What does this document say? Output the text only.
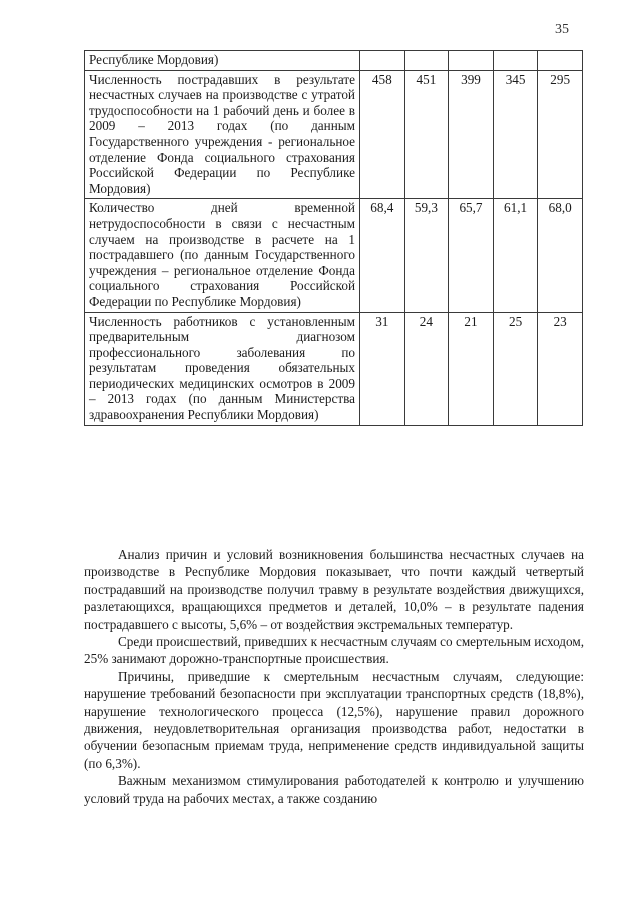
35
Республике Мордовия)					
Численность пострадавших в результате несчастных случаев на производстве с утратой трудоспособности на 1 рабочий день и более в 2009 – 2013 годах (по данным Государственного учреждения - региональное отделение Фонда социального страхования Российской Федерации по Республике Мордовия)	458	451	399	345	295
Количество дней временной нетрудоспособности в связи с несчастным случаем на производстве в расчете на 1 пострадавшего (по данным Государственного учреждения – региональное отделение Фонда социального страхования Российской Федерации по Республике Мордовия)	68,4	59,3	65,7	61,1	68,0
Численность работников с установленным предварительным диагнозом профессионального заболевания по результатам проведения обязательных периодических медицинских осмотров в 2009 – 2013 годах (по данным Министерства здравоохранения Республики Мордовия)	31	24	21	25	23

Анализ причин и условий возникновения большинства несчастных случаев на производстве в Республике Мордовия показывает, что почти каждый четвертый пострадавший на производстве получил травму в результате воздействия движущихся, разлетающихся, вращающихся предметов и деталей, 10,0% – в результате падения пострадавшего с высоты, 5,6% – от воздействия экстремальных температур.

Среди происшествий, приведших к несчастным случаям со смертельным исходом, 25% занимают дорожно-транспортные происшествия.

Причины, приведшие к смертельным несчастным случаям, следующие: нарушение требований безопасности при эксплуатации транспортных средств (18,8%), нарушение технологического процесса (12,5%), нарушение правил дорожного движения, неудовлетворительная организация производства работ, недостатки в обучении безопасным приемам труда, неприменение средств индивидуальной защиты (по 6,3%).

Важным механизмом стимулирования работодателей к контролю и улучшению условий труда на рабочих местах, а также созданию
